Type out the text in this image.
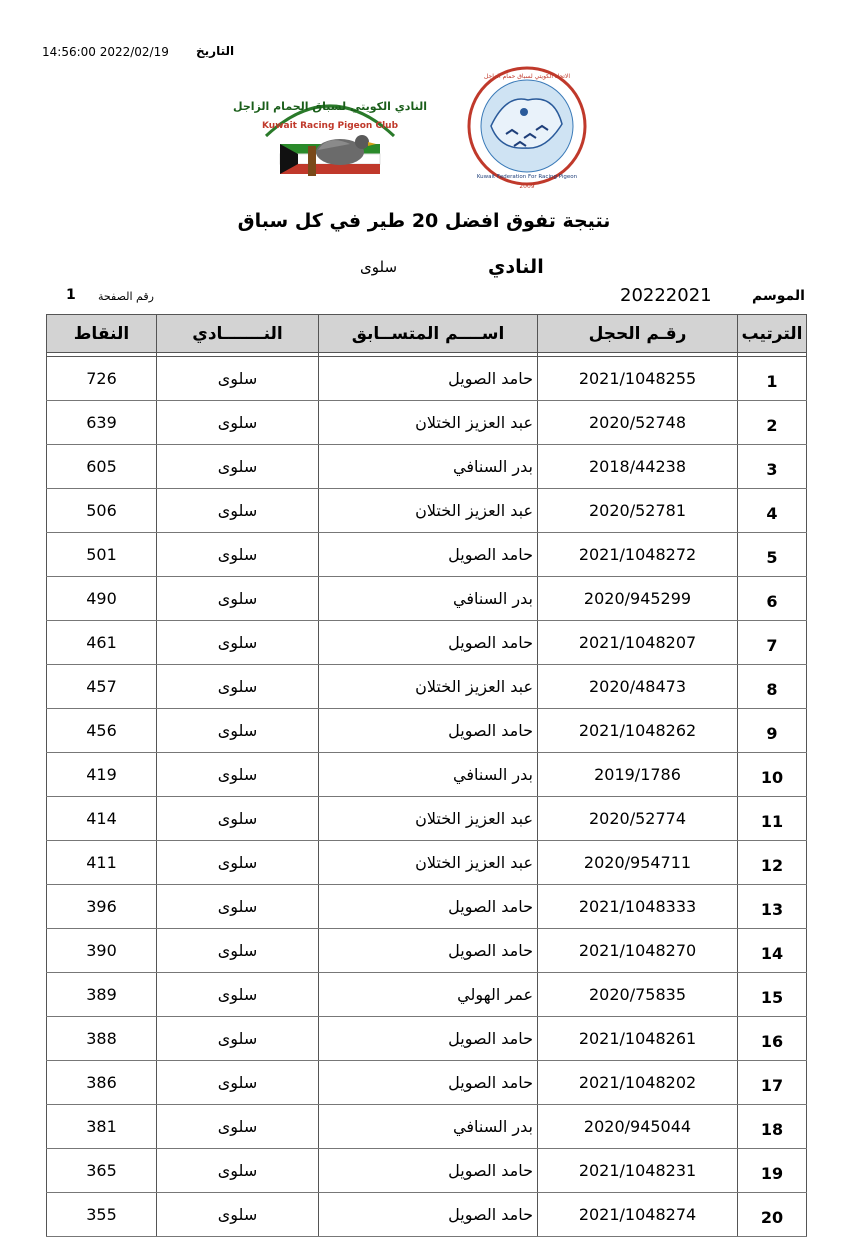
التاريخ
14:56:00 2022/02/19
النادي الكويتي لسباق الحمام الزاجل
Kuwait Racing Pigeon Club
الاتحاد الكويتي لسباق حمام الزاجل
Kuwait Federation For Racing Pigeon
2009
نتيجة تفوق افضل 20 طير في كل سباق
النادي
سلوى
الموسم
20222021
رقم الصفحة
1
النقاط	النـــــــادي	اســــم المتســابق	رقـم الحجل	الترتيب

726	سلوى	حامد الصويل	2021/1048255	1
639	سلوى	عبد العزيز الختلان	2020/52748	2
605	سلوى	بدر السنافي	2018/44238	3
506	سلوى	عبد العزيز الختلان	2020/52781	4
501	سلوى	حامد الصويل	2021/1048272	5
490	سلوى	بدر السنافي	2020/945299	6
461	سلوى	حامد الصويل	2021/1048207	7
457	سلوى	عبد العزيز الختلان	2020/48473	8
456	سلوى	حامد الصويل	2021/1048262	9
419	سلوى	بدر السنافي	2019/1786	10
414	سلوى	عبد العزيز الختلان	2020/52774	11
411	سلوى	عبد العزيز الختلان	2020/954711	12
396	سلوى	حامد الصويل	2021/1048333	13
390	سلوى	حامد الصويل	2021/1048270	14
389	سلوى	عمر الهولي	2020/75835	15
388	سلوى	حامد الصويل	2021/1048261	16
386	سلوى	حامد الصويل	2021/1048202	17
381	سلوى	بدر السنافي	2020/945044	18
365	سلوى	حامد الصويل	2021/1048231	19
355	سلوى	حامد الصويل	2021/1048274	20
